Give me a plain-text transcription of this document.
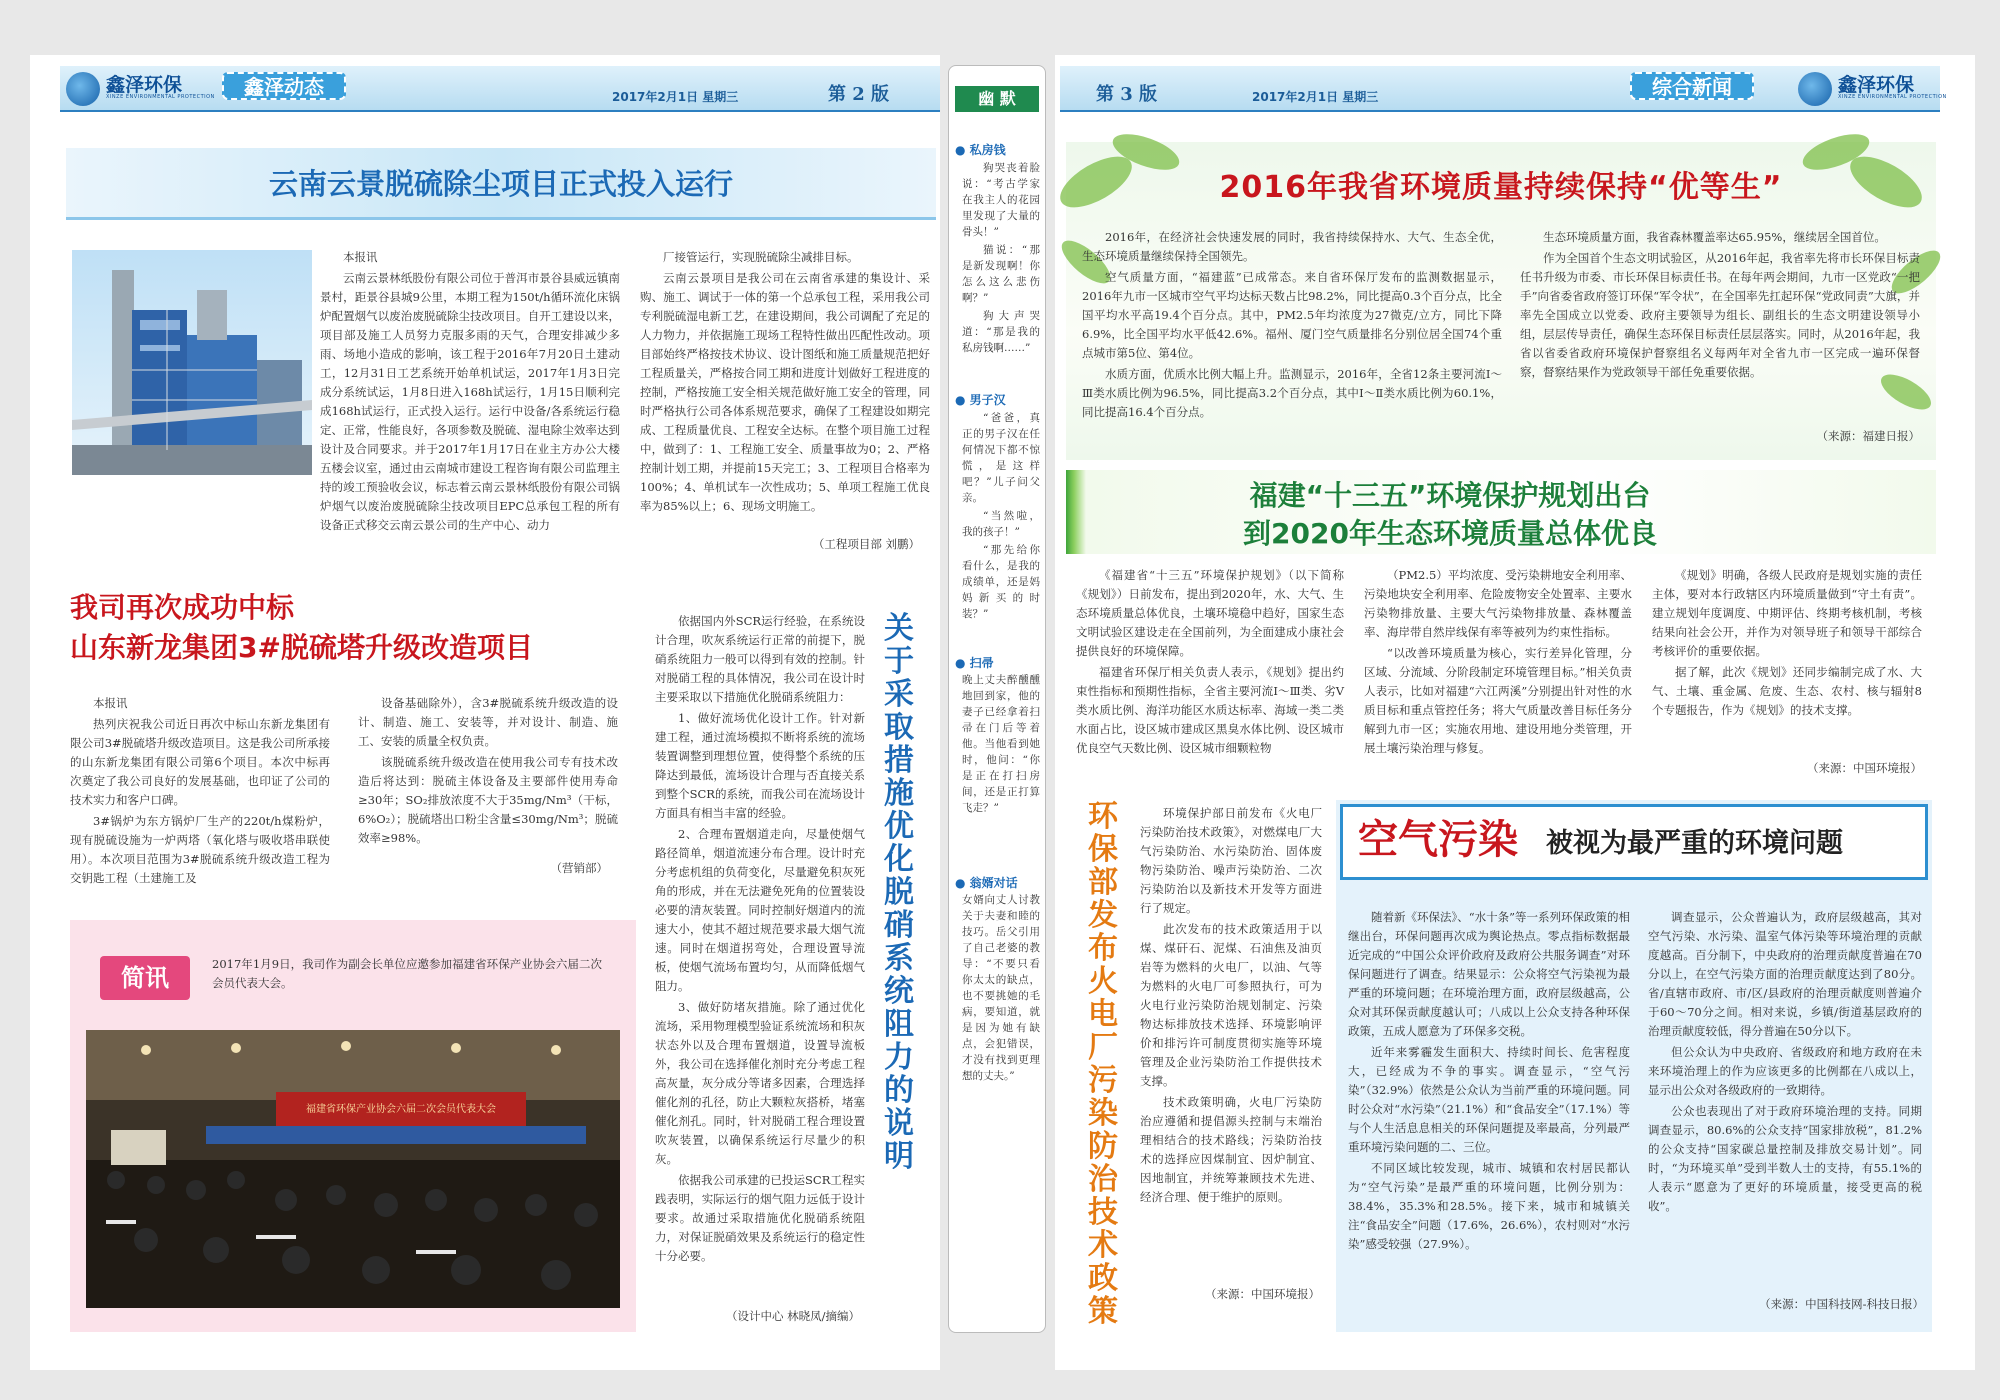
鑫泽环保
XINZE ENVIRONMENTAL PROTECTION	鑫泽动态	2017年2月1日 星期三	第 2 版
云南云景脱硫除尘项目正式投入运行

本报讯

云南云景林纸股份有限公司位于普洱市景谷县威远镇南景村，距景谷县城9公里，本期工程为150t/h循环流化床锅炉配置烟气以废治废脱硫除尘技改项目。自开工建设以来，项目部及施工人员努力克服多雨的天气，合理安排减少多雨、场地小造成的影响，该工程于2016年7月20日土建动工，12月31日工艺系统开始单机试运，2017年1月3日完成分系统试运，1月8日进入168h试运行，1月15日顺利完成168h试运行，正式投入运行。运行中设备/各系统运行稳定、正常，性能良好，各项参数及脱硫、湿电除尘效率达到设计及合同要求。并于2017年1月17日在业主方办公大楼五楼会议室，通过由云南城市建设工程咨询有限公司监理主持的竣工预验收会议，标志着云南云景林纸股份有限公司锅炉烟气以废治废脱硫除尘技改项目EPC总承包工程的所有设备正式移交云南云景公司的生产中心、动力

厂接管运行，实现脱硫除尘减排目标。

云南云景项目是我公司在云南省承建的集设计、采购、施工、调试于一体的第一个总承包工程，采用我公司专利脱硫湿电新工艺，在建设期间，我公司调配了充足的人力物力，并依据施工现场工程特性做出匹配性改动。项目部始终严格按技术协议、设计图纸和施工质量规范把好工程质量关，严格按合同工期和进度计划做好工程进度的控制，严格按施工安全相关规范做好施工安全的管理，同时严格执行公司各体系规范要求，确保了工程建设如期完成、工程质量优良、工程安全达标。在整个项目施工过程中，做到了：1、工程施工安全、质量事故为0；2、严格控制计划工期，并提前15天完工；3、工程项目合格率为100%；4、单机试车一次性成功；5、单项工程施工优良率为85%以上；6、现场文明施工。

（工程项目部 刘鹏）
我司再次成功中标
山东新龙集团3#脱硫塔升级改造项目

本报讯

热列庆祝我公司近日再次中标山东新龙集团有限公司3#脱硫塔升级改造项目。这是我公司所承接的山东新龙集团有限公司第6个项目。本次中标再次奠定了我公司良好的发展基础，也印证了公司的技术实力和客户口碑。

3#锅炉为东方锅炉厂生产的220t/h煤粉炉，现有脱硫设施为一炉两塔（氧化塔与吸收塔串联使用）。本次项目范围为3#脱硫系统升级改造工程为交钥匙工程（土建施工及

设备基础除外），含3#脱硫系统升级改造的设计、制造、施工、安装等，并对设计、制造、施工、安装的质量全权负责。

该脱硫系统升级改造在使用我公司专有技术改造后将达到：脱硫主体设备及主要部件使用寿命≥30年；SO₂排放浓度不大于35mg/Nm³（干标，6%O₂）；脱硫塔出口粉尘含量≤30mg/Nm³；脱硫效率≥98%。

（营销部）

依据国内外SCR运行经验，在系统设计合理，吹灰系统运行正常的前提下，脱硝系统阻力一般可以得到有效的控制。针对脱硝工程的具体情况，我公司在设计时主要采取以下措施优化脱硝系统阻力：

1、做好流场优化设计工作。针对新建工程，通过流场模拟不断将系统的流场装置调整到理想位置，使得整个系统的压降达到最低，流场设计合理与否直接关系到整个SCR的系统，而我公司在流场设计方面具有相当丰富的经验。

2、合理布置烟道走向，尽量使烟气路径简单，烟道流速分布合理。设计时充分考虑机组的负荷变化，尽量避免积灰死角的形成，并在无法避免死角的位置装设必要的清灰装置。同时控制好烟道内的流速大小，使其不超过规范要求最大烟气流速。同时在烟道拐弯处，合理设置导流板，使烟气流场布置均匀，从而降低烟气阻力。

3、做好防堵灰措施。除了通过优化流场，采用物理模型验证系统流场和积灰状态外以及合理布置烟道，设置导流板外，我公司在选择催化剂时充分考虑工程高灰量，灰分成分等诸多因素，合理选择催化剂的孔径，防止大颗粒灰搭桥，堵塞催化剂孔。同时，针对脱硝工程合理设置吹灰装置，以确保系统运行尽量少的积灰。

依据我公司承建的已投运SCR工程实践表明，实际运行的烟气阻力远低于设计要求。故通过采取措施优化脱硝系统阻力，对保证脱硝效果及系统运行的稳定性十分必要。

（设计中心 林晓凤/摘编）
关于采取措施优化脱硝系统阻力的说明
简讯	2017年1月9日，我司作为副会长单位应邀参加福建省环保产业协会六届二次会员代表大会。
福建省环保产业协会六届二次会员代表大会
幽 默
● 私房钱

狗哭丧着脸说：“考古学家在我主人的花园里发现了大量的骨头！”

猫说：“那是新发现啊！你怎么这么悲伤啊？”

狗大声哭道：“那是我的私房钱啊……”

● 男子汉

“爸爸，真正的男子汉在任何情况下都不惊慌，是这样吧？”儿子问父亲。

“当然啦，我的孩子！”

“那先给你看什么，是我的成绩单，还是妈妈新买的时装？”

● 扫帚
晚上丈夫醉醺醺地回到家，他的妻子已经拿着扫帚在门后等着他。当他看到她时，他问：“你是正在打扫房间，还是正打算飞走？”
● 翁婿对话
女婿向丈人讨教关于夫妻和睦的技巧。岳父引用了自己老婆的教导：“不要只看你太太的缺点，也不要挑她的毛病，要知道，就是因为她有缺点，会犯错误，才没有找到更理想的丈夫。”
第 3 版	2017年2月1日 星期三	综合新闻	鑫泽环保
XINZE ENVIRONMENTAL PROTECTION
2016年我省环境质量持续保持“优等生”

2016年，在经济社会快速发展的同时，我省持续保持水、大气、生态全优，生态环境质量继续保持全国领先。

空气质量方面，“福建蓝”已成常态。来自省环保厅发布的监测数据显示，2016年九市一区城市空气平均达标天数占比98.2%，同比提高0.3个百分点，比全国平均水平高19.4个百分点。其中，PM2.5年均浓度为27微克/立方，同比下降6.9%，比全国平均水平低42.6%。福州、厦门空气质量排名分别位居全国74个重点城市第5位、第4位。

水质方面，优质水比例大幅上升。监测显示，2016年，全省12条主要河流Ⅰ～Ⅲ类水质比例为96.5%，同比提高3.2个百分点，其中Ⅰ～Ⅱ类水质比例为60.1%，同比提高16.4个百分点。

生态环境质量方面，我省森林覆盖率达65.95%，继续居全国首位。

作为全国首个生态文明试验区，从2016年起，我省率先将市长环保目标责任书升级为市委、市长环保目标责任书。在每年两会期间，九市一区党政“一把手”向省委省政府签订环保“军令状”，在全国率先扛起环保“党政同责”大旗，并率先全国成立以党委、政府主要领导为组长、副组长的生态文明建设领导小组，层层传导责任，确保生态环保目标责任层层落实。同时，从2016年起，我省以省委省政府环境保护督察组名义每两年对全省九市一区完成一遍环保督察，督察结果作为党政领导干部任免重要依据。

（来源：福建日报）
福建“十三五”环境保护规划出台
到2020年生态环境质量总体优良

《福建省“十三五”环境保护规划》（以下简称《规划》）日前发布，提出到2020年，水、大气、生态环境质量总体优良，土壤环境稳中趋好，国家生态文明试验区建设走在全国前列，为全面建成小康社会提供良好的环境保障。

福建省环保厅相关负责人表示，《规划》提出约束性指标和预期性指标，全省主要河流Ⅰ～Ⅲ类、劣Ⅴ类水质比例、海洋功能区水质达标率、海域一类二类水面占比，设区城市建成区黑臭水体比例、设区城市优良空气天数比例、设区城市细颗粒物

（PM2.5）平均浓度、受污染耕地安全利用率、污染地块安全利用率、危险废物安全处置率、主要水污染物排放量、主要大气污染物排放量、森林覆盖率、海岸带自然岸线保有率等被列为约束性指标。

“以改善环境质量为核心，实行差异化管理，分区域、分流域、分阶段制定环境管理目标。”相关负责人表示，比如对福建“六江两溪”分别提出针对性的水质目标和重点管控任务；将大气质量改善目标任务分解到九市一区；实施农用地、建设用地分类管理，开展土壤污染治理与修复。

《规划》明确，各级人民政府是规划实施的责任主体，要对本行政辖区内环境质量做到“守土有责”。建立规划年度调度、中期评估、终期考核机制，考核结果向社会公开，并作为对领导班子和领导干部综合考核评价的重要依据。

据了解，此次《规划》还同步编制完成了水、大气、土壤、重金属、危废、生态、农村、核与辐射8个专题报告，作为《规划》的技术支撑。

（来源：中国环境报）
环保部发布火电厂污染防治技术政策

环境保护部日前发布《火电厂污染防治技术政策》，对燃煤电厂大气污染防治、水污染防治、固体废物污染防治、噪声污染防治、二次污染防治以及新技术开发等方面进行了规定。

此次发布的技术政策适用于以煤、煤矸石、泥煤、石油焦及油页岩等为燃料的火电厂，以油、气等为燃料的火电厂可参照执行，可为火电行业污染防治规划制定、污染物达标排放技术选择、环境影响评价和排污许可制度贯彻实施等环境管理及企业污染防治工作提供技术支撑。

技术政策明确，火电厂污染防治应遵循和提倡源头控制与末端治理相结合的技术路线；污染防治技术的选择应因煤制宜、因炉制宜、因地制宜，并统筹兼顾技术先进、经济合理、便于维护的原则。

（来源：中国环境报）
空气污染 被视为最严重的环境问题

随着新《环保法》、“水十条”等一系列环保政策的相继出台，环保问题再次成为舆论热点。零点指标数据最近完成的“中国公众评价政府及政府公共服务调查”对环保问题进行了调查。结果显示：公众将空气污染视为最严重的环境问题；在环境治理方面，政府层级越高，公众对其环保贡献度越认可；八成以上公众支持各种环保政策，五成人愿意为了环保多交税。

近年来雾霾发生面积大、持续时间长、危害程度大，已经成为不争的事实。调查显示，“空气污染”（32.9%）依然是公众认为当前严重的环境问题。同时公众对“水污染”（21.1%）和“食品安全”（17.1%）等与个人生活息息相关的环保问题提及率最高，分列最严重环境污染问题的二、三位。

不同区域比较发现，城市、城镇和农村居民都认为“空气污染”是最严重的环境问题，比例分别为：38.4%，35.3%和28.5%。接下来，城市和城镇关注“食品安全”问题（17.6%，26.6%），农村则对“水污染”感受较强（27.9%）。

调查显示，公众普遍认为，政府层级越高，其对空气污染、水污染、温室气体污染等环境治理的贡献度越高。百分制下，中央政府的治理贡献度普遍在70分以上，在空气污染方面的治理贡献度达到了80分。省/直辖市政府、市/区/县政府的治理贡献度则普遍介于60～70分之间。相对来说，乡镇/街道基层政府的治理贡献度较低，得分普遍在50分以下。

但公众认为中央政府、省级政府和地方政府在未来环境治理上的作为应该更多的比例都在八成以上，显示出公众对各级政府的一致期待。

公众也表现出了对于政府环境治理的支持。同期调查显示，80.6%的公众支持“国家排放税”，81.2%的公众支持“国家碳总量控制及排放交易计划”。同时，“为环境买单”受到半数人士的支持，有55.1%的人表示“愿意为了更好的环境质量，接受更高的税收”。

（来源：中国科技网-科技日报）
